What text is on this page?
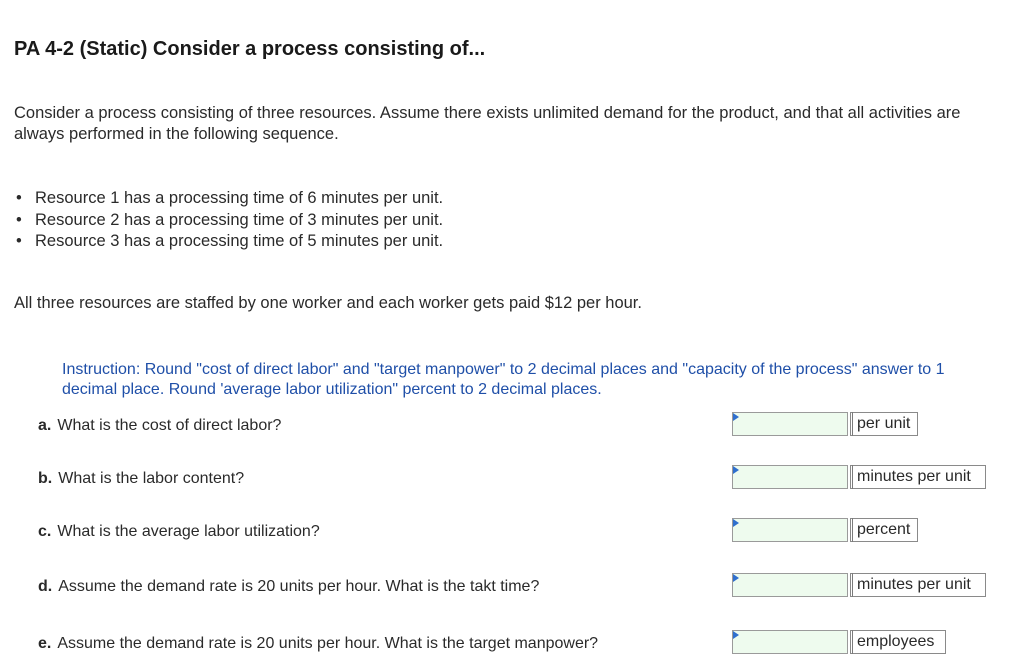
PA 4-2 (Static) Consider a process consisting of...
Consider a process consisting of three resources. Assume there exists unlimited demand for the product, and that all activities are always performed in the following sequence.
• Resource 1 has a processing time of 6 minutes per unit.
• Resource 2 has a processing time of 3 minutes per unit.
• Resource 3 has a processing time of 5 minutes per unit.
All three resources are staffed by one worker and each worker gets paid $12 per hour.
Instruction: Round "cost of direct labor" and "target manpower" to 2 decimal places and "capacity of the process" answer to 1 decimal place. Round 'average labor utilization" percent to 2 decimal places.
a. What is the cost of direct labor?	per unit
b. What is the labor content?	minutes per unit
c. What is the average labor utilization?	percent
d. Assume the demand rate is 20 units per hour. What is the takt time?	minutes per unit
e. Assume the demand rate is 20 units per hour. What is the target manpower?	employees
